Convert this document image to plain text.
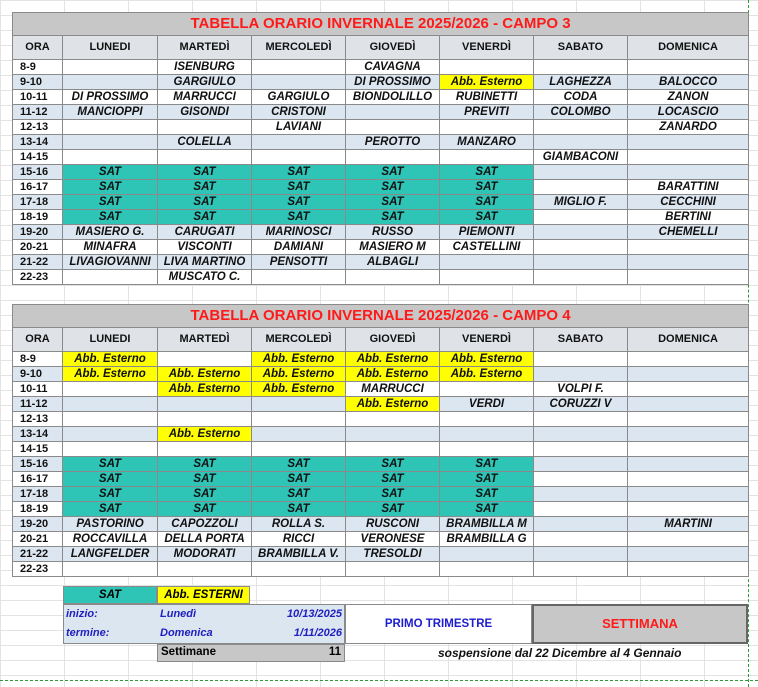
TABELLA ORARIO INVERNALE 2025/2026 - CAMPO 3							
ORA	LUNEDI	MARTEDÌ	MERCOLEDÌ	GIOVEDÌ	VENERDÌ	SABATO	DOMENICA
8-9		ISENBURG		CAVAGNA			
9-10		GARGIULO		DI PROSSIMO	Abb. Esterno	LAGHEZZA	BALOCCO
10-11	DI PROSSIMO	MARRUCCI	GARGIULO	BIONDOLILLO	RUBINETTI	CODA	ZANON
11-12	MANCIOPPI	GISONDI	CRISTONI		PREVITI	COLOMBO	LOCASCIO
12-13			LAVIANI				ZANARDO
13-14		COLELLA		PEROTTO	MANZARO		
14-15						GIAMBACONI	
15-16	SAT	SAT	SAT	SAT	SAT		
16-17	SAT	SAT	SAT	SAT	SAT		BARATTINI
17-18	SAT	SAT	SAT	SAT	SAT	MIGLIO F.	CECCHINI
18-19	SAT	SAT	SAT	SAT	SAT		BERTINI
19-20	MASIERO G.	CARUGATI	MARINOSCI	RUSSO	PIEMONTI		CHEMELLI
20-21	MINAFRA	VISCONTI	DAMIANI	MASIERO M	CASTELLINI		
21-22	LIVAGIOVANNI	LIVA MARTINO	PENSOTTI	ALBAGLI			
22-23		MUSCATO C.					
TABELLA ORARIO INVERNALE 2025/2026 - CAMPO 4							
ORA	LUNEDI	MARTEDÌ	MERCOLEDÌ	GIOVEDÌ	VENERDÌ	SABATO	DOMENICA
8-9	Abb. Esterno		Abb. Esterno	Abb. Esterno	Abb. Esterno		
9-10	Abb. Esterno	Abb. Esterno	Abb. Esterno	Abb. Esterno	Abb. Esterno		
10-11		Abb. Esterno	Abb. Esterno	MARRUCCI		VOLPI F.	
11-12				Abb. Esterno	VERDI	CORUZZI V	
12-13							
13-14		Abb. Esterno					
14-15							
15-16	SAT	SAT	SAT	SAT	SAT		
16-17	SAT	SAT	SAT	SAT	SAT		
17-18	SAT	SAT	SAT	SAT	SAT		
18-19	SAT	SAT	SAT	SAT	SAT		
19-20	PASTORINO	CAPOZZOLI	ROLLA S.	RUSCONI	BRAMBILLA M		MARTINI
20-21	ROCCAVILLA	DELLA PORTA	RICCI	VERONESE	BRAMBILLA G		
21-22	LANGFELDER	MODORATI	BRAMBILLA V.	TRESOLDI			
22-23							
SAT	Abb. ESTERNI
inizio:	Lunedì	10/13/2025
termine:	Domenica	1/11/2026
PRIMO TRIMESTRE	SETTIMANA
Settimane	11	sospensione dal 22 Dicembre al 4 Gennaio
